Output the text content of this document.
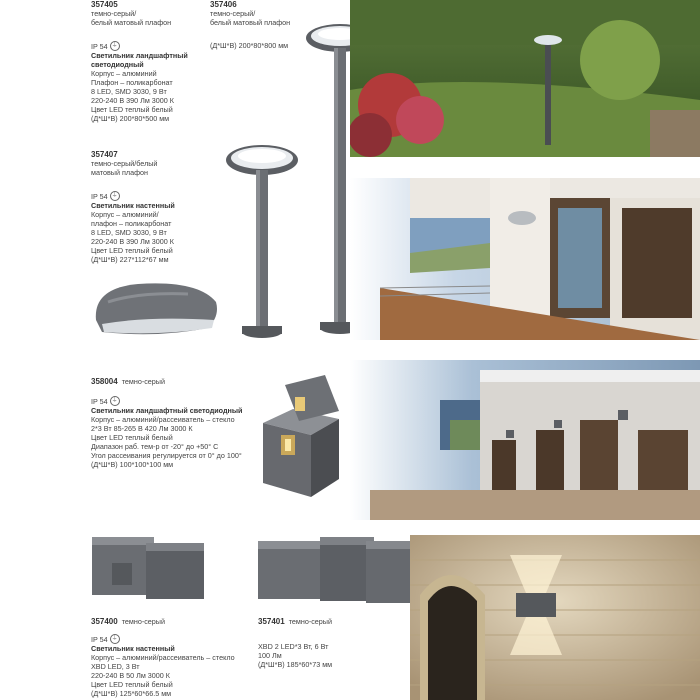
357405
темно-серый/
белый матовый плафон
IP 54 ⏚
Светильник ландшафтный
светодиодный
Корпус – алюминий
Плафон – поликарбонат
8 LED, SMD 3030, 9 Вт
220-240 В 390 Лм 3000 К
Цвет LED теплый белый
(Д*Ш*В) 200*80*500 мм
357406
темно-серый/
белый матовый плафон
(Д*Ш*В) 200*80*800 мм
357407
темно-серый/белый
матовый плафон
IP 54 ⏚
Светильник настенный
Корпус – алюминий/
плафон – поликарбонат
8 LED, SMD 3030, 9 Вт
220-240 В 390 Лм 3000 К
Цвет LED теплый белый
(Д*Ш*В) 227*112*67 мм
358004 темно-серый
IP 54 ⏚
Светильник ландшафтный светодиодный
Корпус – алюминий/рассеиватель – стекло
2*3 Вт 85-265 В 420 Лм 3000 К
Цвет LED теплый белый
Диапазон раб. тем-р от -20° до +50° С
Угол рассеивания регулируется от 0° до 100°
(Д*Ш*В) 100*100*100 мм
357400 темно-серый
IP 54 ⏚
Светильник настенный
Корпус – алюминий/рассеиватель – стекло
XBD LED, 3 Вт
220-240 В 50 Лм 3000 К
Цвет LED теплый белый
(Д*Ш*В) 125*60*66.5 мм
357401 темно-серый
XBD 2 LED*3 Вт, 6 Вт
100 Лм
(Д*Ш*В) 185*60*73 мм
